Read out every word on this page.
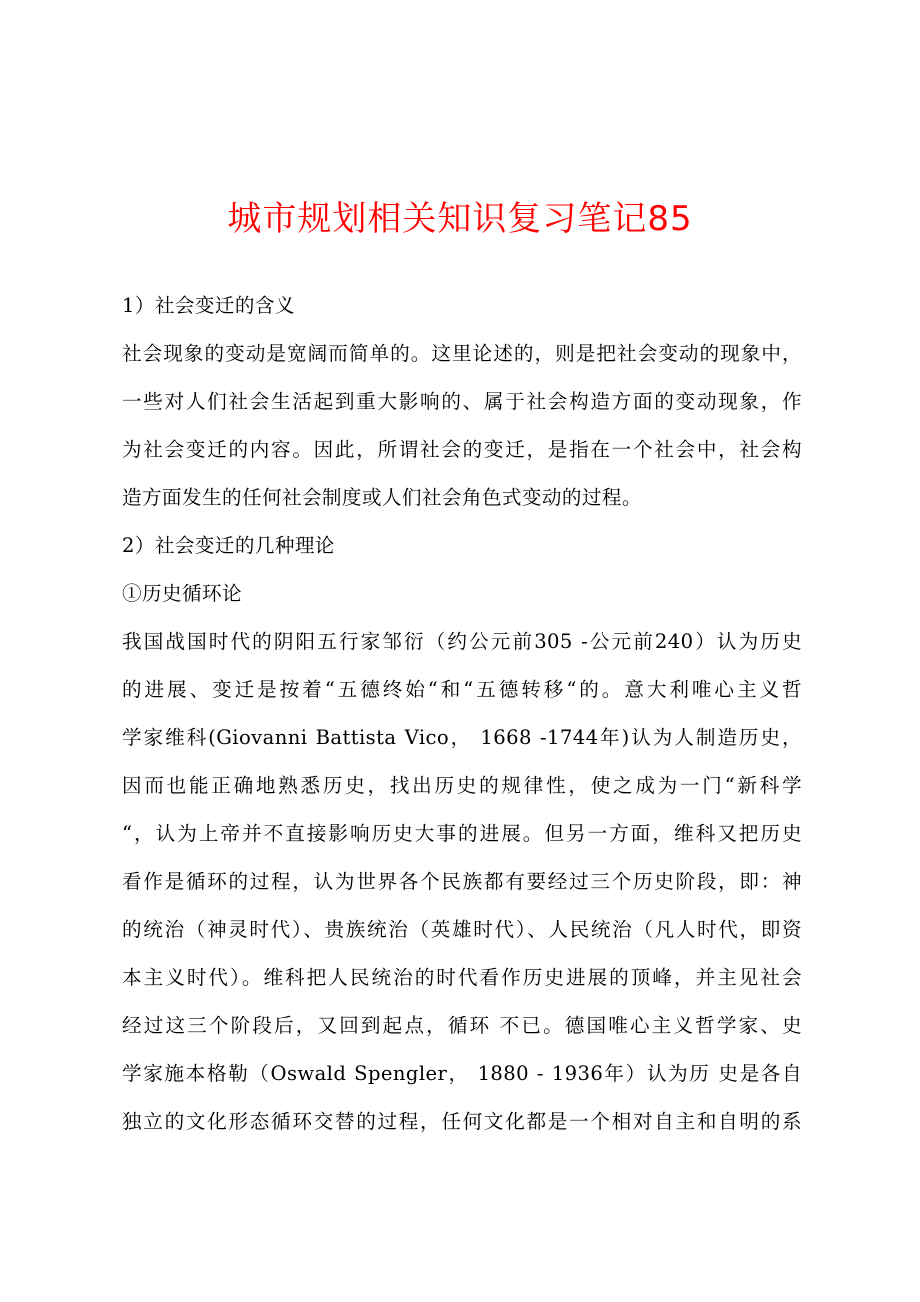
城市规划相关知识复习笔记85
1）社会变迁的含义
社会现象的变动是宽阔而简单的。这里论述的，则是把社会变动的现象中，
一些对人们社会生活起到重大影响的、属于社会构造方面的变动现象，作
为社会变迁的内容。因此，所谓社会的变迁，是指在一个社会中，社会构
造方面发生的任何社会制度或人们社会角色式变动的过程。
2）社会变迁的几种理论
①历史循环论
我国战国时代的阴阳五行家邹衍（约公元前305 -公元前240）认为历史
的进展、变迁是按着“五德终始“和“五德转移“的。意大利唯心主义哲
学家维科(Giovanni Battista Vico， 1668 -1744年)认为人制造历史，
因而也能正确地熟悉历史，找出历史的规律性，使之成为一门“新科学
“，认为上帝并不直接影响历史大事的进展。但另一方面，维科又把历史
看作是循环的过程，认为世界各个民族都有要经过三个历史阶段，即：神
的统治（神灵时代）、贵族统治（英雄时代）、人民统治（凡人时代，即资
本主义时代）。维科把人民统治的时代看作历史进展的顶峰，并主见社会
经过这三个阶段后，又回到起点，循环 不已。德国唯心主义哲学家、史
学家施本格勒（Oswald Spengler， 1880 - 1936年）认为历 史是各自
独立的文化形态循环交替的过程，任何文化都是一个相对自主和自明的系
